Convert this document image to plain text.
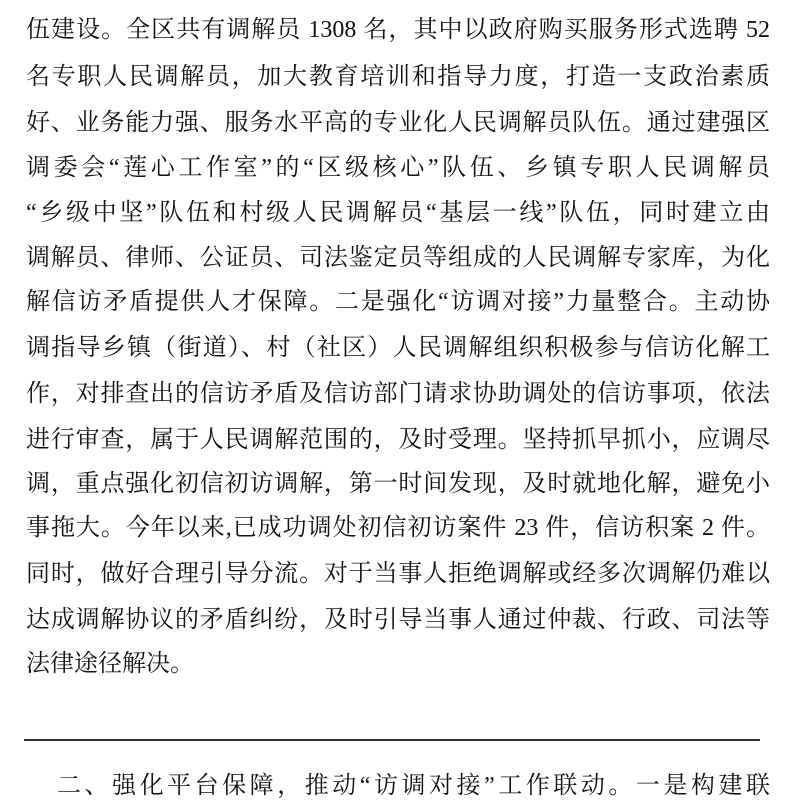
伍建设。全区共有调解员 1308 名，其中以政府购买服务形式选聘 52
名专职人民调解员，加大教育培训和指导力度，打造一支政治素质
好、业务能力强、服务水平高的专业化人民调解员队伍。通过建强区
调委会“莲心工作室”的“区级核心”队伍、乡镇专职人民调解员
“乡级中坚”队伍和村级人民调解员“基层一线”队伍，同时建立由
调解员、律师、公证员、司法鉴定员等组成的人民调解专家库，为化
解信访矛盾提供人才保障。二是强化“访调对接”力量整合。主动协
调指导乡镇（街道）、村（社区）人民调解组织积极参与信访化解工
作，对排查出的信访矛盾及信访部门请求协助调处的信访事项，依法
进行审查，属于人民调解范围的，及时受理。坚持抓早抓小，应调尽
调，重点强化初信初访调解，第一时间发现，及时就地化解，避免小
事拖大。今年以来,已成功调处初信初访案件 23 件，信访积案 2 件。
同时，做好合理引导分流。对于当事人拒绝调解或经多次调解仍难以
达成调解协议的矛盾纠纷，及时引导当事人通过仲裁、行政、司法等
法律途径解决。
二、强化平台保障，推动“访调对接”工作联动。一是构建联
